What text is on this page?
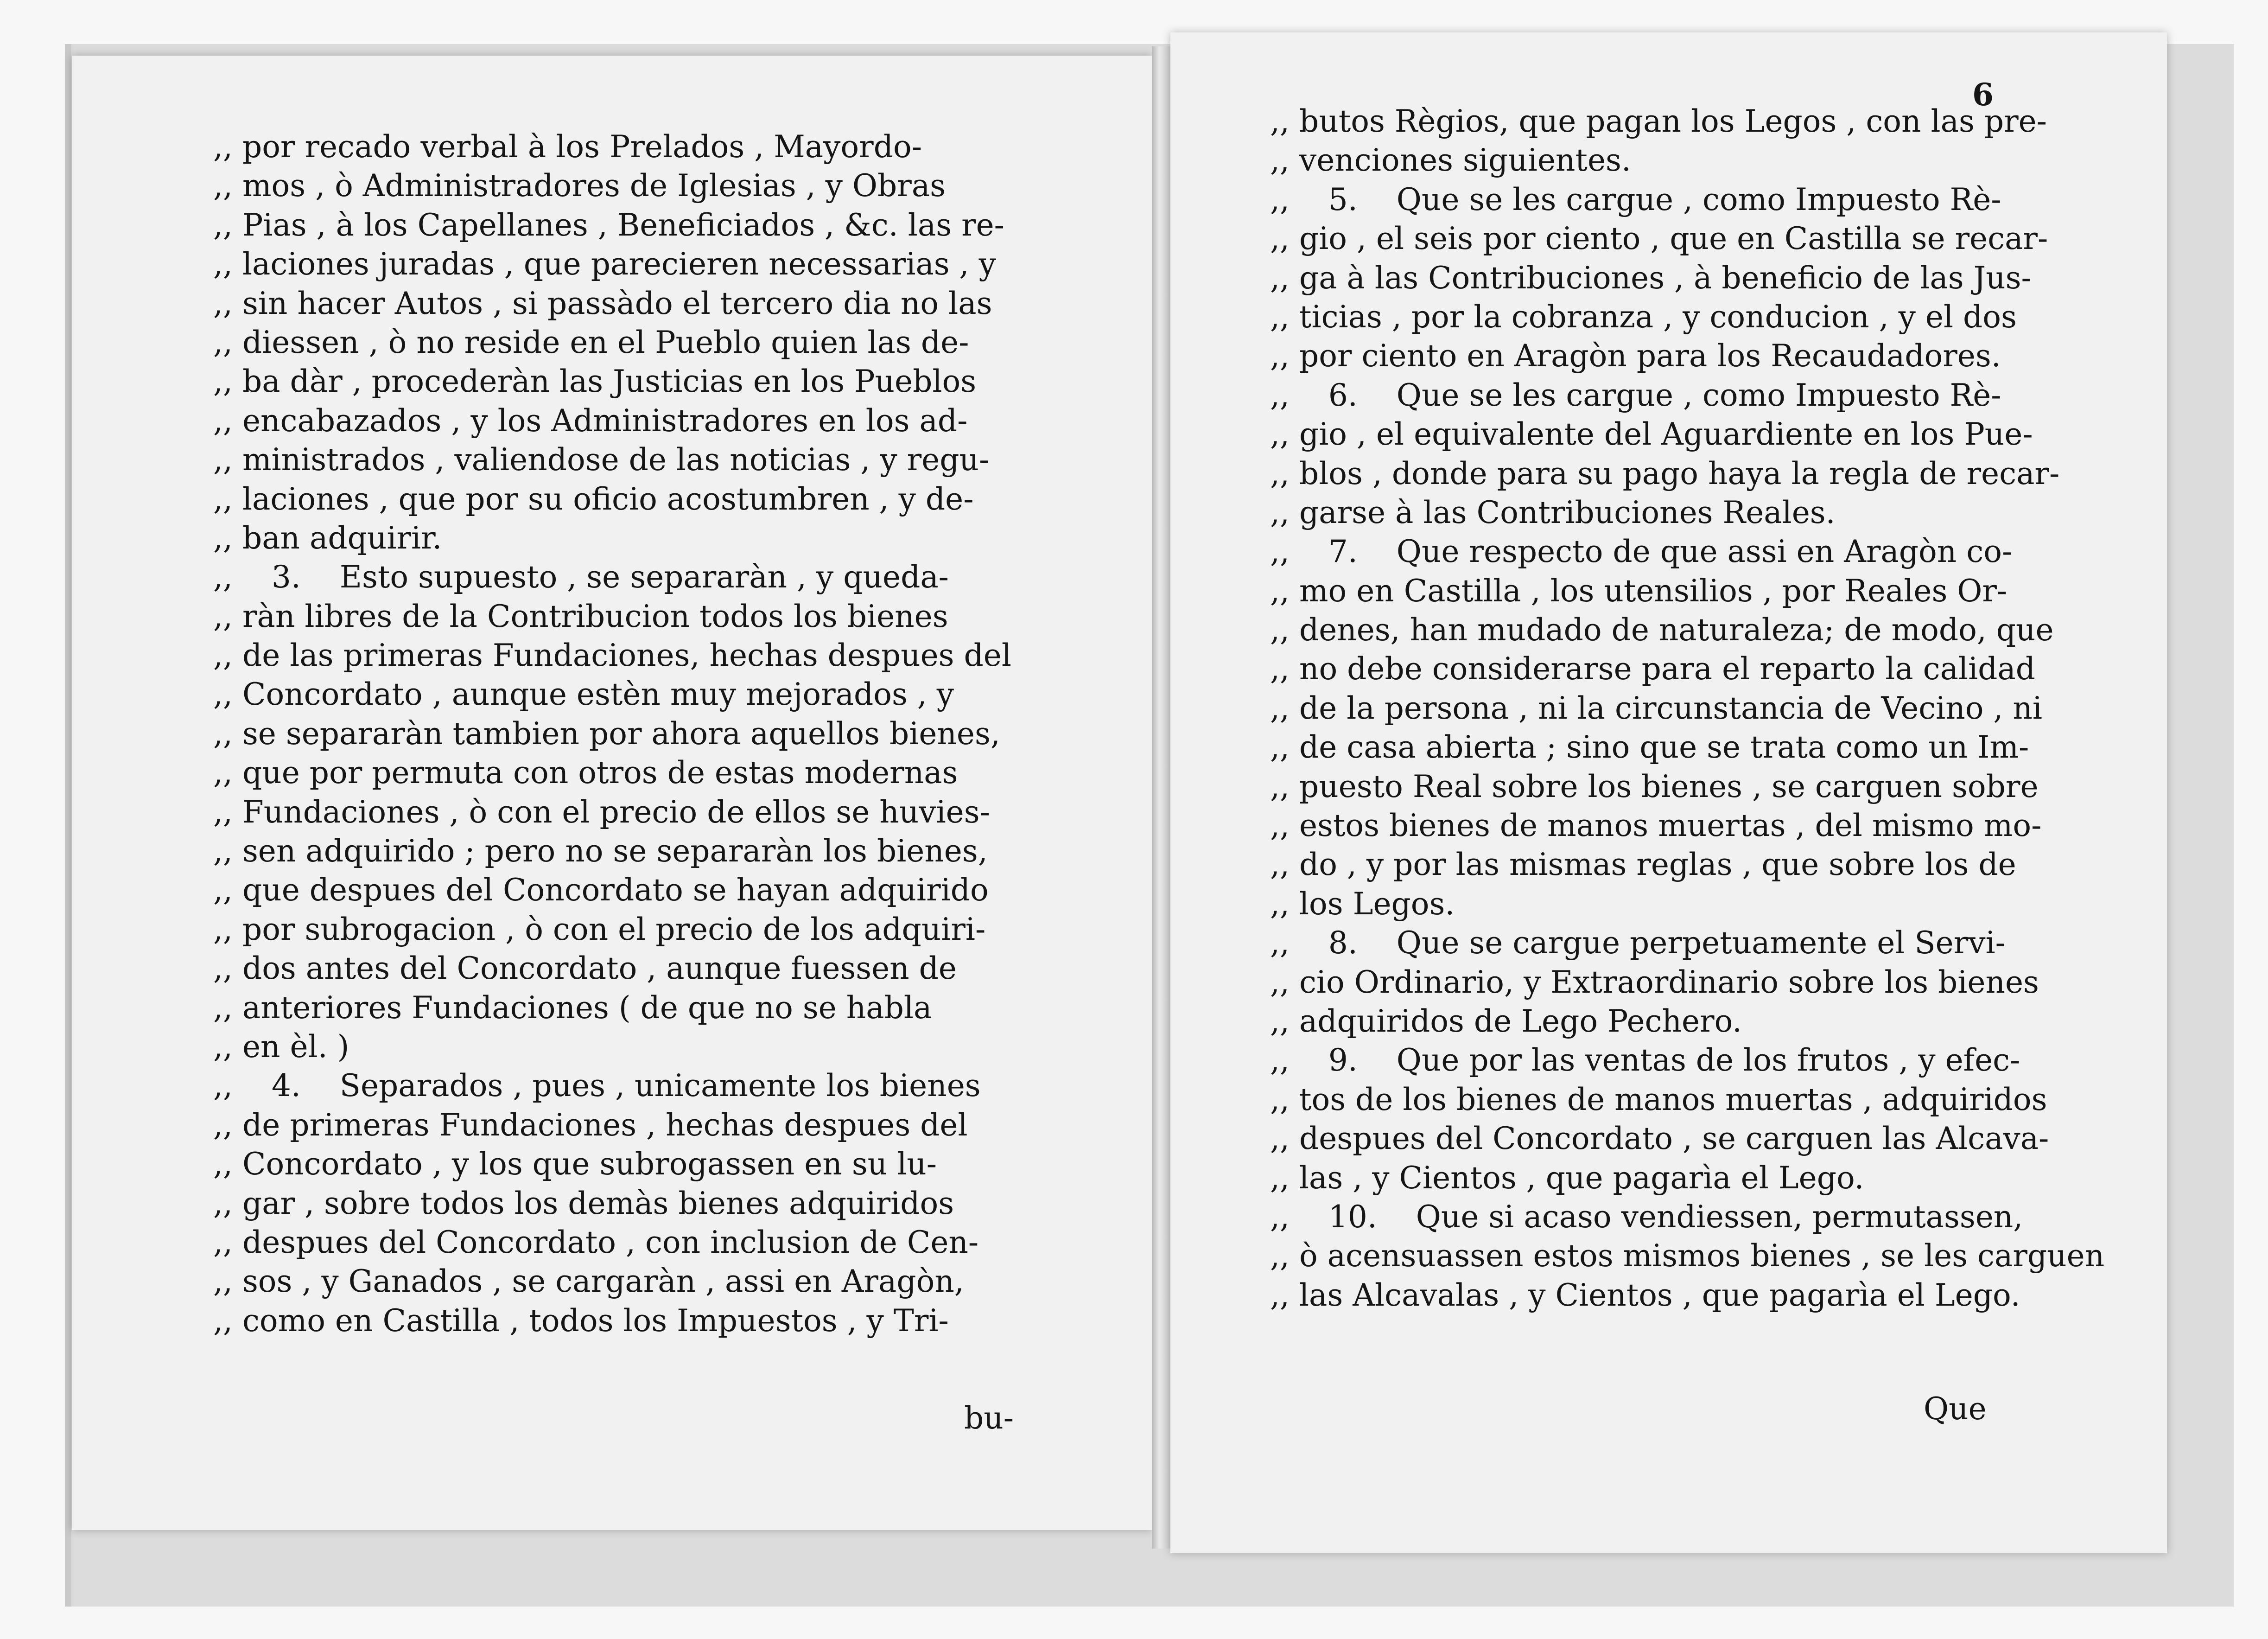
6
,, por recado verbal à los Prelados , Mayordo-
,, mos , ò Administradores de Iglesias , y Obras
,, Pias , à los Capellanes , Beneficiados , &c. las re-
,, laciones juradas , que parecieren necessarias , y
,, sin hacer Autos , si passàdo el tercero dia no las
,, diessen , ò no reside en el Pueblo quien las de-
,, ba dàr , procederàn las Justicias en los Pueblos
,, encabazados , y los Administradores en los ad-
,, ministrados , valiendose de las noticias , y regu-
,, laciones , que por su oficio acostumbren , y de-
,, ban adquirir.
,,    3.    Esto supuesto , se separaràn , y queda-
,, ràn libres de la Contribucion todos los bienes
,, de las primeras Fundaciones, hechas despues del
,, Concordato , aunque estèn muy mejorados , y
,, se separaràn tambien por ahora aquellos bienes,
,, que por permuta con otros de estas modernas
,, Fundaciones , ò con el precio de ellos se huvies-
,, sen adquirido ; pero no se separaràn los bienes,
,, que despues del Concordato se hayan adquirido
,, por subrogacion , ò con el precio de los adquiri-
,, dos antes del Concordato , aunque fuessen de
,, anteriores Fundaciones ( de que no se habla
,, en èl. )
,,    4.    Separados , pues , unicamente los bienes
,, de primeras Fundaciones , hechas despues del
,, Concordato , y los que subrogassen en su lu-
,, gar , sobre todos los demàs bienes adquiridos
,, despues del Concordato , con inclusion de Cen-
,, sos , y Ganados , se cargaràn , assi en Aragòn,
,, como en Castilla , todos los Impuestos , y Tri-
,, butos Règios, que pagan los Legos , con las pre-
,, venciones siguientes.
,,    5.    Que se les cargue , como Impuesto Rè-
,, gio , el seis por ciento , que en Castilla se recar-
,, ga à las Contribuciones , à beneficio de las Jus-
,, ticias , por la cobranza , y conducion , y el dos
,, por ciento en Aragòn para los Recaudadores.
,,    6.    Que se les cargue , como Impuesto Rè-
,, gio , el equivalente del Aguardiente en los Pue-
,, blos , donde para su pago haya la regla de recar-
,, garse à las Contribuciones Reales.
,,    7.    Que respecto de que assi en Aragòn co-
,, mo en Castilla , los utensilios , por Reales Or-
,, denes, han mudado de naturaleza; de modo, que
,, no debe considerarse para el reparto la calidad
,, de la persona , ni la circunstancia de Vecino , ni
,, de casa abierta ; sino que se trata como un Im-
,, puesto Real sobre los bienes , se carguen sobre
,, estos bienes de manos muertas , del mismo mo-
,, do , y por las mismas reglas , que sobre los de
,, los Legos.
,,    8.    Que se cargue perpetuamente el Servi-
,, cio Ordinario, y Extraordinario sobre los bienes
,, adquiridos de Lego Pechero.
,,    9.    Que por las ventas de los frutos , y efec-
,, tos de los bienes de manos muertas , adquiridos
,, despues del Concordato , se carguen las Alcava-
,, las , y Cientos , que pagarìa el Lego.
,,    10.    Que si acaso vendiessen, permutassen,
,, ò acensuassen estos mismos bienes , se les carguen
,, las Alcavalas , y Cientos , que pagarìa el Lego.
bu-	Que
